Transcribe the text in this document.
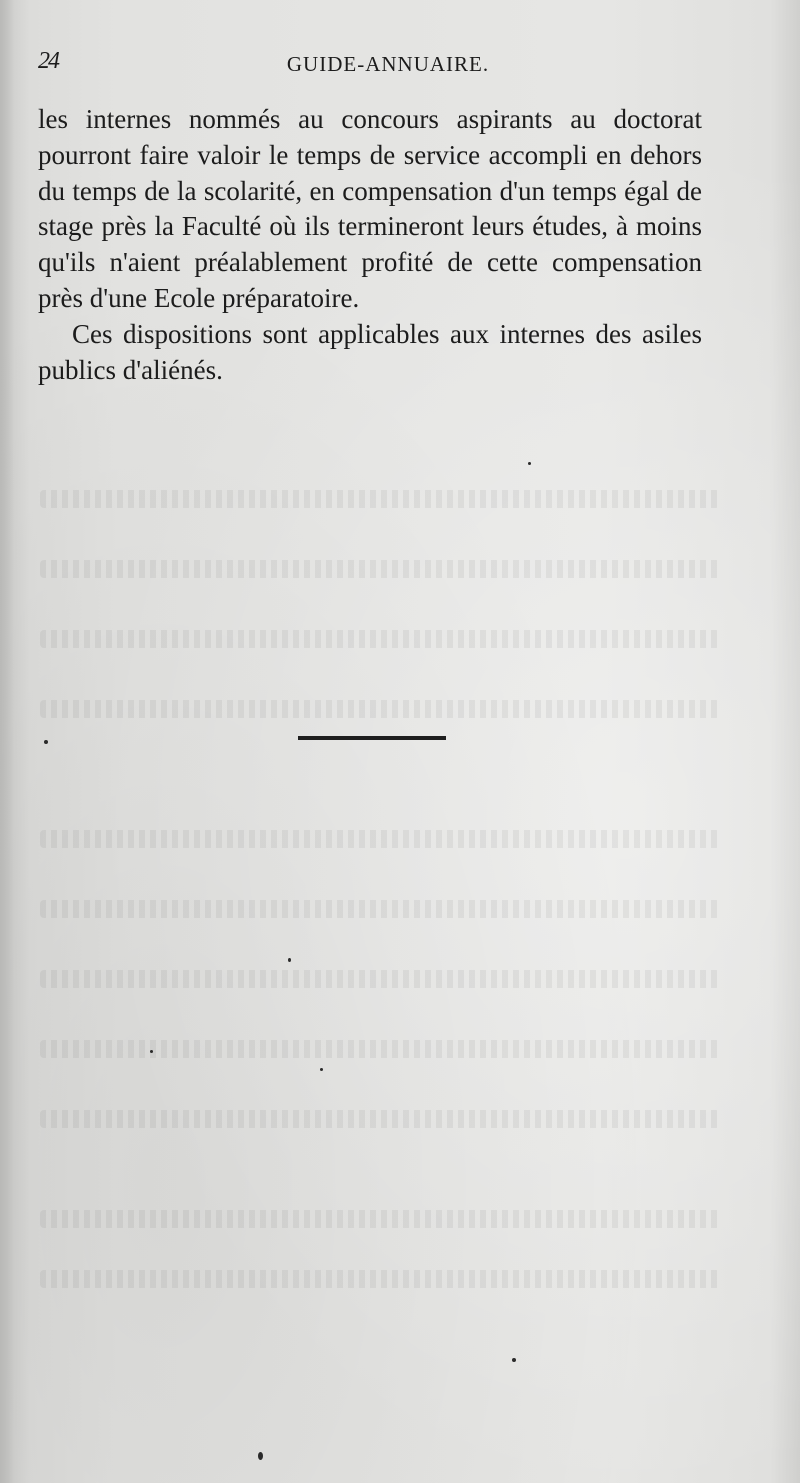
24	GUIDE-ANNUAIRE.

les internes nommés au concours aspirants au doctorat pourront faire valoir le temps de service accompli en dehors du temps de la scolarité, en compensation d'un temps égal de stage près la Faculté où ils termineront leurs études, à moins qu'ils n'aient préalablement profité de cette compensation près d'une Ecole préparatoire.

Ces dispositions sont applicables aux internes des asiles publics d'aliénés.
